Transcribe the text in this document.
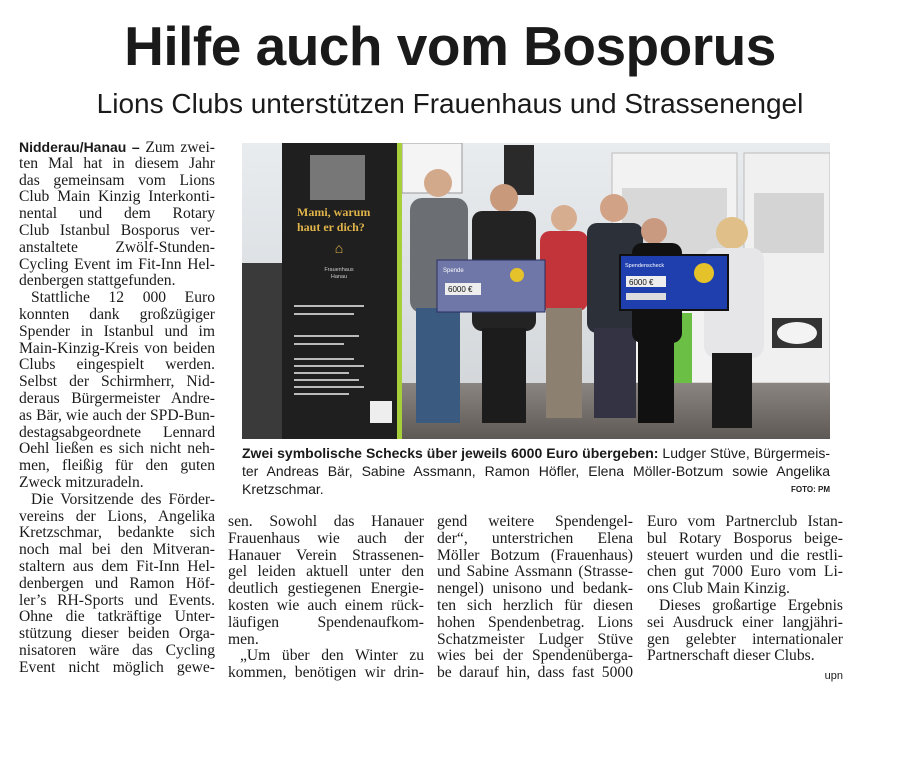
Hilfe auch vom Bosporus
Lions Clubs unterstützen Frauenhaus und Strassenengel
Nidderau/Hanau – Zum zwei-
ten Mal hat in diesem Jahr
das gemeinsam vom Lions
Club Main Kinzig Interkonti-
nental und dem Rotary
Club Istanbul Bosporus ver-
anstaltete Zwölf-Stunden-
Cycling Event im Fit-Inn Hel-
denbergen stattgefunden.
Stattliche 12 000 Euro
konnten dank großzügiger
Spender in Istanbul und im
Main-Kinzig-Kreis von beiden
Clubs eingespielt werden.
Selbst der Schirmherr, Nid-
deraus Bürgermeister Andre-
as Bär, wie auch der SPD-Bun-
destagsabgeordnete Lennard
Oehl ließen es sich nicht neh-
men, fleißig für den guten
Zweck mitzuradeln.
Die Vorsitzende des Förder-
vereins der Lions, Angelika
Kretzschmar, bedankte sich
noch mal bei den Mitveran-
staltern aus dem Fit-Inn Hel-
denbergen und Ramon Höf-
ler’s RH-Sports und Events.
Ohne die tatkräftige Unter-
stützung dieser beiden Orga-
nisatoren wäre das Cycling
Event nicht möglich gewe-
Mami, warum
haut er dich?
⌂
Frauenhaus
Hanau
Spende
6000 €
Spendenscheck
6000 €
Zwei symbolische Schecks über jeweils 6000 Euro übergeben: Ludger Stüve, Bürgermeis-
ter Andreas Bär, Sabine Assmann, Ramon Höfler, Elena Möller-Botzum sowie Angelika
Kretzschmar.	FOTO: PM
sen. Sowohl das Hanauer
Frauenhaus wie auch der
Hanauer Verein Strassenen-
gel leiden aktuell unter den
deutlich gestiegenen Energie-
kosten wie auch einem rück-
läufigen Spendenaufkom-
men.
„Um über den Winter zu
kommen, benötigen wir drin-
gend weitere Spendengel-
der“, unterstrichen Elena
Möller Botzum (Frauenhaus)
und Sabine Assmann (Strasse-
nengel) unisono und bedank-
ten sich herzlich für diesen
hohen Spendenbetrag. Lions
Schatzmeister Ludger Stüve
wies bei der Spendenüberga-
be darauf hin, dass fast 5000
Euro vom Partnerclub Istan-
bul Rotary Bosporus beige-
steuert wurden und die restli-
chen gut 7000 Euro vom Li-
ons Club Main Kinzig.
Dieses großartige Ergebnis
sei Ausdruck einer langjähri-
gen gelebter internationaler
Partnerschaft dieser Clubs.
upn
